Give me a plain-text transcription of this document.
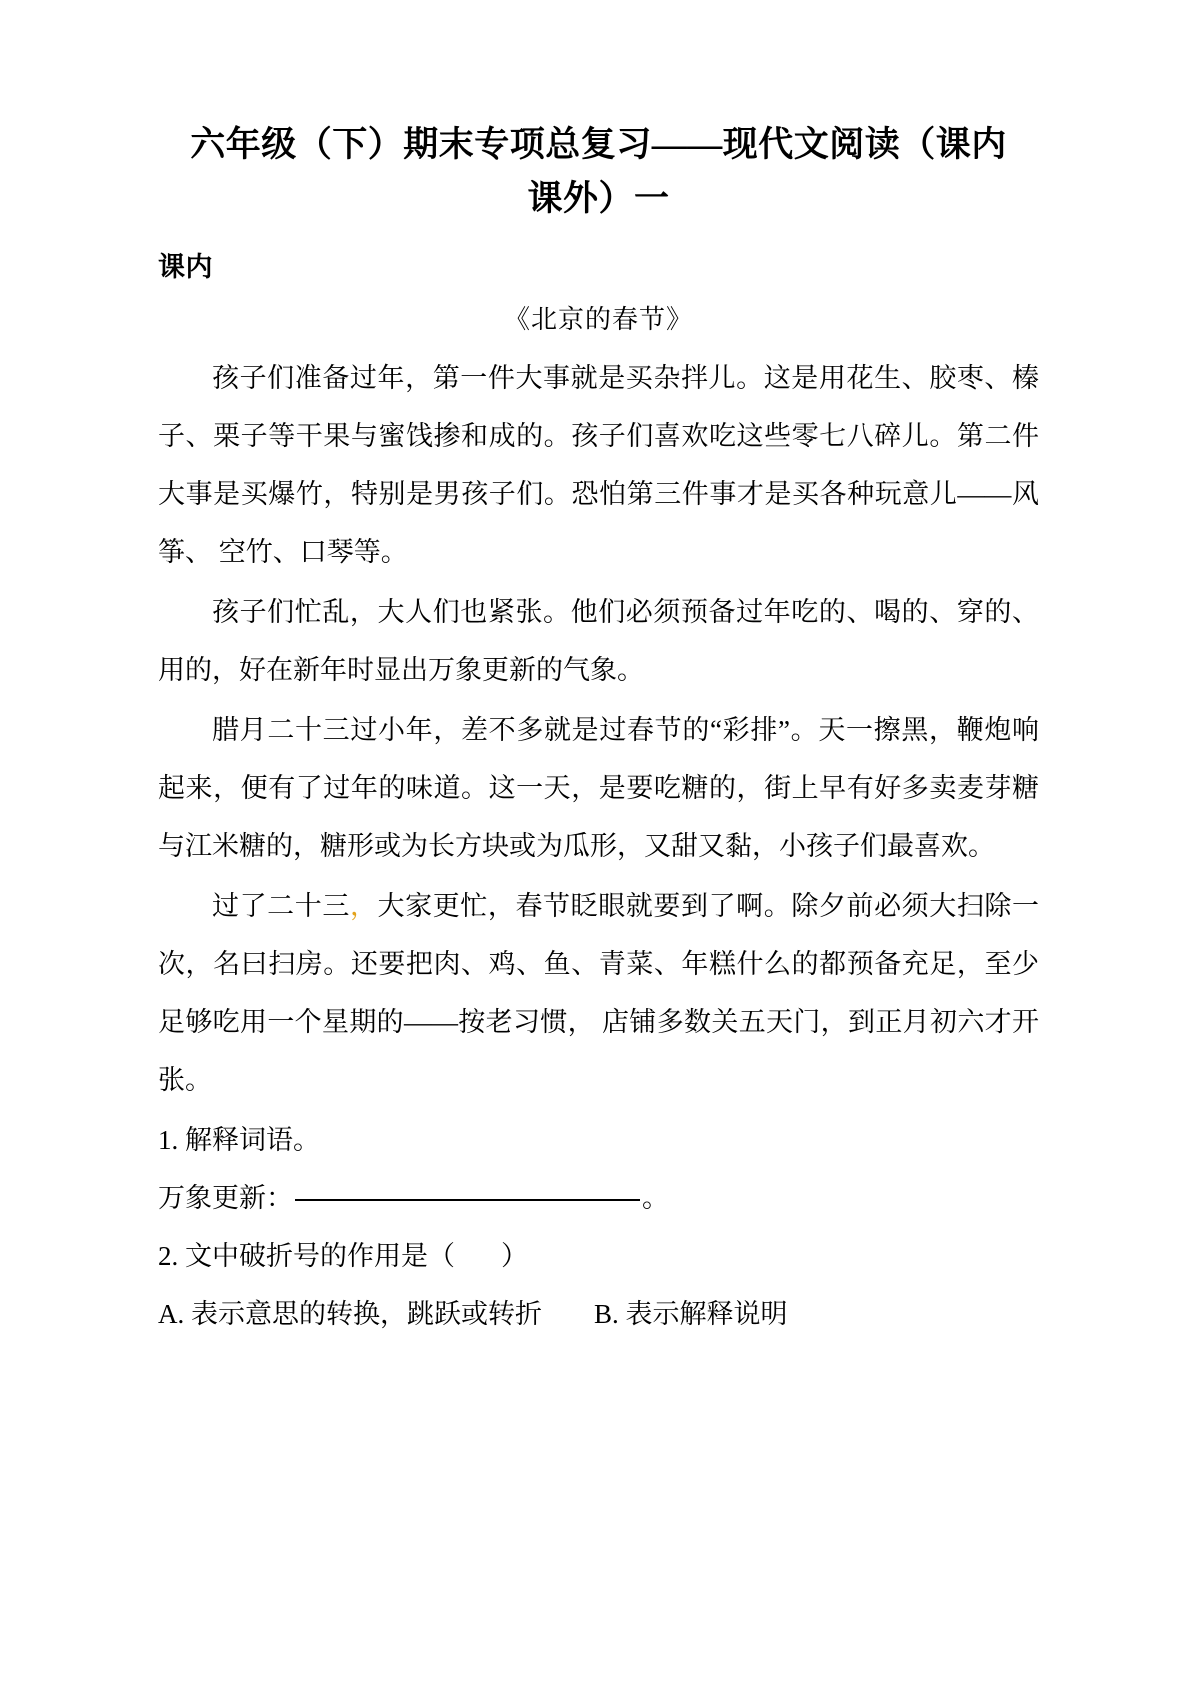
六年级（下）期末专项总复习——现代文阅读（课内
课外）一
课内

《北京的春节》

孩子们准备过年，第一件大事就是买杂拌儿。这是用花生、胶枣、榛子、栗子等干果与蜜饯掺和成的。孩子们喜欢吃这些零七八碎儿。第二件大事是买爆竹，特别是男孩子们。恐怕第三件事才是买各种玩意儿——风筝、 空竹、口琴等。

孩子们忙乱，大人们也紧张。他们必须预备过年吃的、喝的、穿的、用的，好在新年时显出万象更新的气象。

腊月二十三过小年，差不多就是过春节的“彩排”。天一擦黑，鞭炮响起来，便有了过年的味道。这一天，是要吃糖的，街上早有好多卖麦芽糖与江米糖的，糖形或为长方块或为瓜形，又甜又黏，小孩子们最喜欢。

过了二十三，大家更忙，春节眨眼就要到了啊。除夕前必须大扫除一次，名曰扫房。还要把肉、鸡、鱼、青菜、年糕什么的都预备充足，至少足够吃用一个星期的——按老习惯， 店铺多数关五天门，到正月初六才开张。

1. 解释词语。

万象更新：	。

2. 文中破折号的作用是（ ）

A. 表示意思的转换，跳跃或转折 B. 表示解释说明
